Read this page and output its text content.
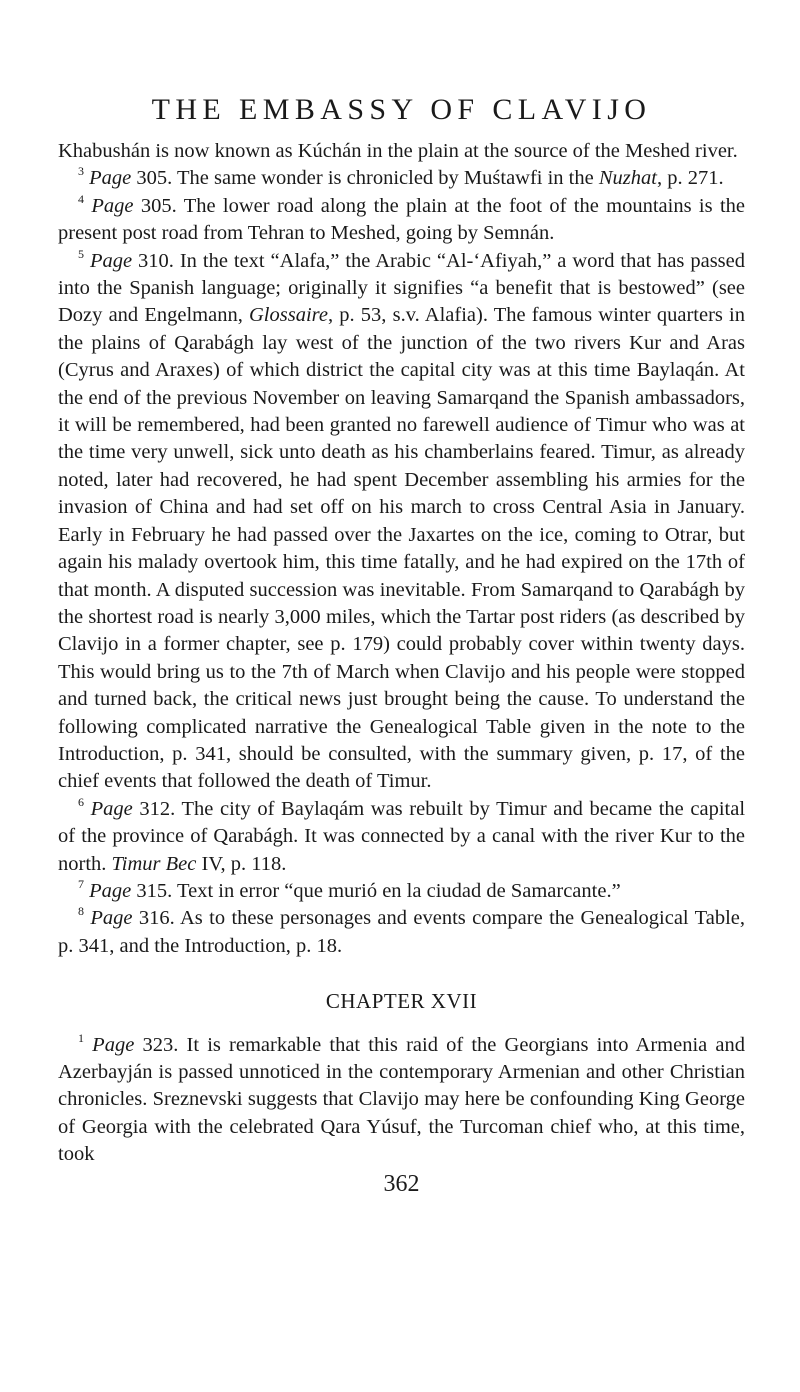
THE EMBASSY OF CLAVIJO

Khabushán is now known as Kúchán in the plain at the source of the Meshed river.

$^3$ Page 305. The same wonder is chronicled by Muśtawfi in the Nuzhat, p. 271.

$^4$ Page 305. The lower road along the plain at the foot of the mountains is the present post road from Tehran to Meshed, going by Semnán.

$^5$ Page 310. In the text “Alafa,” the Arabic “Al-‘Afiyah,” a word that has passed into the Spanish language; originally it signifies “a benefit that is bestowed” (see Dozy and Engelmann, Glossaire, p. 53, s.v. Alafia). The famous winter quarters in the plains of Qarabágh lay west of the junction of the two rivers Kur and Aras (Cyrus and Araxes) of which district the capital city was at this time Baylaqán. At the end of the previous November on leaving Samarqand the Spanish ambassadors, it will be remembered, had been granted no farewell audience of Timur who was at the time very unwell, sick unto death as his chamberlains feared. Timur, as already noted, later had recovered, he had spent December assembling his armies for the invasion of China and had set off on his march to cross Central Asia in January. Early in February he had passed over the Jaxartes on the ice, coming to Otrar, but again his malady overtook him, this time fatally, and he had expired on the 17th of that month. A disputed succession was inevitable. From Samarqand to Qarabágh by the shortest road is nearly 3,000 miles, which the Tartar post riders (as described by Clavijo in a former chapter, see p. 179) could probably cover within twenty days. This would bring us to the 7th of March when Clavijo and his people were stopped and turned back, the critical news just brought being the cause. To understand the following complicated narrative the Genealogical Table given in the note to the Introduction, p. 341, should be consulted, with the summary given, p. 17, of the chief events that followed the death of Timur.

$^6$ Page 312. The city of Baylaqám was rebuilt by Timur and became the capital of the province of Qarabágh. It was connected by a canal with the river Kur to the north. Timur Bec IV, p. 118.

$^7$ Page 315. Text in error “que murió en la ciudad de Samarcante.”

$^8$ Page 316. As to these personages and events compare the Genealogical Table, p. 341, and the Introduction, p. 18.

CHAPTER XVII

$^1$ Page 323. It is remarkable that this raid of the Georgians into Armenia and Azerbayján is passed unnoticed in the contemporary Armenian and other Christian chronicles. Sreznevski suggests that Clavijo may here be confounding King George of Georgia with the celebrated Qara Yúsuf, the Turcoman chief who, at this time, took

362
